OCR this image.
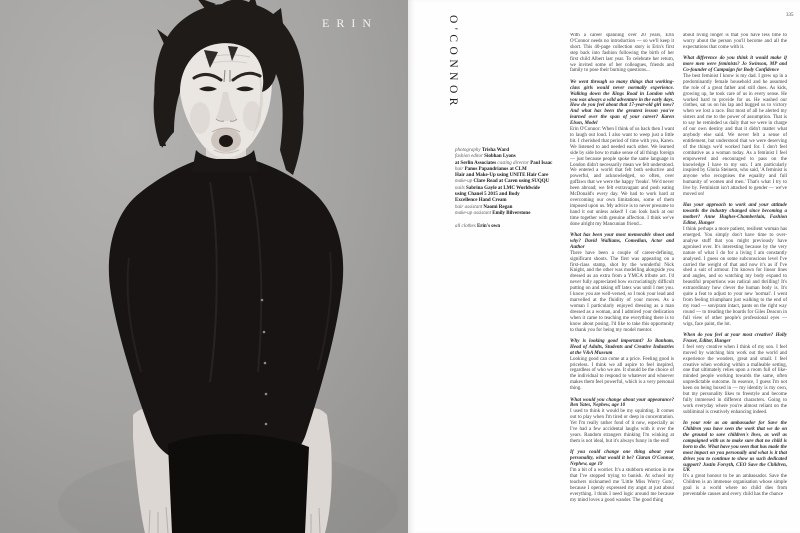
ERIN	O'CONNOR	335
photography Trisha Ward
fashion editor Siobhan Lyons
at Serlin Associates casting director Paul Isaac
hair Panos Papandrianos at CLM
Hair and Make-Up using UNITE Hair Care
make-up Clare Read at Caren using SUQQU
nails Sabrina Gayle at LMC Worldwide
using Chanel 5 2015 and Body
Excellence Hand Cream
hair assistant Naomi Regan
make-up assistant Emily Bilverstone
all clothes Erin's own

With a career spanning over 20 years, Erin O'Connor needs no introduction — so we'll keep it short. This 40-page collection story is Erin's first step back into fashion following the birth of her first child Albert last year. To celebrate her return, we invited some of her colleagues, friends and family to pose their burning questions...

We went through so many things that working-class girls would never normally experience. Walking down the Kings Road in London with you was always a wild adventure in the early days. How do you feel about that 17-year-old girl now? And what has been the greatest lesson you've learned over the span of your career? Karen Elson, Model
Erin O'Connor: When I think of us back then I want to laugh out loud. I also want to weep just a little bit. I cherished that period of time with you, Karen. We listened to and needed each other. We learned side by side how to make sense of all things foreign — just because people spoke the same language in London didn't necessarily mean we felt understood. We entered a world that felt both seductive and powerful, and acknowledged, so often, over guffaws that we were the happy 'freaks'. We'd never been abroad; we felt extravagant and posh eating McDonald's every day. We had to work hard at overcoming our own limitations, some of them imposed upon us. My advice is to never presume to hand it out unless asked! I can look back at our time together with genuine affection. I think we've done alright my Mancunian friend...

What has been your most memorable shoot and why? David Walliams, Comedian, Actor and Author
There have been a couple of career-defining, significant shoots. The first was appearing on a first-class stamp, shot by the wonderful Nick Knight, and the other was modelling alongside you dressed as an extra from a YMCA tribute act. I'd never fully appreciated how excruciatingly difficult putting on and taking off latex was until I met you. I know you are well-versed, so I took your lead and marvelled at the fluidity of your moves. As a woman I particularly enjoyed dressing as a man dressed as a woman, and I admired your dedication when it came to teaching me everything there is to know about posing. I'd like to take this opportunity to thank you for being my model mentor.

Why is looking good important? Jo Banham, Head of Adults, Students and Creative Industries at the V&A Museum
Looking good can come at a price. Feeling good is priceless. I think we all aspire to feel inspired, regardless of who we are. It should be the choice of the individual to respond to whatever and whoever makes them feel powerful, which is a very personal thing.

What would you change about your appearance? Ben Yates, Nephew, age 10
I used to think it would be my squinting. It comes out to play when I'm tired or deep in concentration. Yet I'm really rather fond of it now, especially as I've had a few accidental laughs with it over the years. Random strangers thinking I'm winking at them is not ideal, but it's always funny in the end!

If you could change one thing about your personality, what would it be? Ciaran O'Connor, Nephew, age 19
I'm a bit of a worrier. It's a stubborn emotion in me that I've stopped trying to banish. At school my teachers nicknamed me 'Little Miss Worry Guts', because I openly expressed my angst at just about everything. I think I need logic around me because my mind loves a good wander. The good thing

about living longer is that you have less time to worry about the person you'll become and all the expectations that come with it.

What difference do you think it would make if more men were feminists? Jo Swinson, MP and Co-founder of Campaign for Body Confidence
The best feminist I know is my dad. I grew up in a predominantly female household and he assumed the role of a great father and still does. As kids, growing up, he took care of us in every sense. He worked hard to provide for us. He washed our clothes, sat us on his lap and hugged us to victory when we lost a race. But most of all he alerted my sisters and me to the power of assumption. That is to say he reminded us daily that we were in charge of our own destiny and that it didn't matter what anybody else said. We never felt a sense of entitlement, but understood that we were deserving of the things we'd worked hard for. I don't feel combative as a woman today. As a feminist I feel empowered and encouraged to pass on the knowledge I have to my son. I am particularly inspired by Gloria Steinem, who said, 'A feminist is anyone who recognises the equality and full humanity of women and men.' That's what I try to live by. Feminism isn't attached to gender — we've moved on!

Has your approach to work and your attitude towards the industry changed since becoming a mother? Anne Hughes-Chamberlain, Fashion Editor, Hunger
I think perhaps a more patient, resilient woman has emerged. You simply don't have time to over-analyse stuff that you might previously have agonised over. It's interesting because by the very nature of what I do for a living I am constantly analysed. I guess on some subconscious level I've carried the weight of that and now it's as if I've shed a suit of armour. I'm known for linear lines and angles, and so watching my body expand to beautiful proportions was radical and thrilling! It's extraordinary how clever the human body is. It's quite a feat to adjust to your new 'normal'. I went from feeling triumphant just walking to the end of my road — son/pram intact, pants on the right way round — to treading the boards for Giles Deacon in full view of other people's professional eyes — wigs, face paint, the lot.

When do you feel at your most creative? Holly Fraser, Editor, Hunger
I feel very creative when I think of my son. I feel moved by watching him work out the world and experience the wonders, great and small. I feel creative when working within a malleable setting, one that ultimately relies upon a room full of like-minded people working towards the same, often unpredictable outcome. In essence, I guess I'm not keen on being boxed in — my identity is my own, but my personality likes to freestyle and become fully immersed in different characters. Going to work everyday where you're almost reliant on the subliminal is creatively enhancing indeed.

In your role as an ambassador for Save the Children you have seen the work that we do on the ground to save children's lives, as well as campaigned with us to make sure that no child is born to die. What have you seen that has made the most impact on you personally and what is it that drives you to continue to show us such dedicated support? Justin Forsyth, CEO Save the Children, UK
It's a great honour to be an ambassador. Save the Children is an immense organisation whose simple goal is a world where no child dies from preventable causes and every child has the chance
